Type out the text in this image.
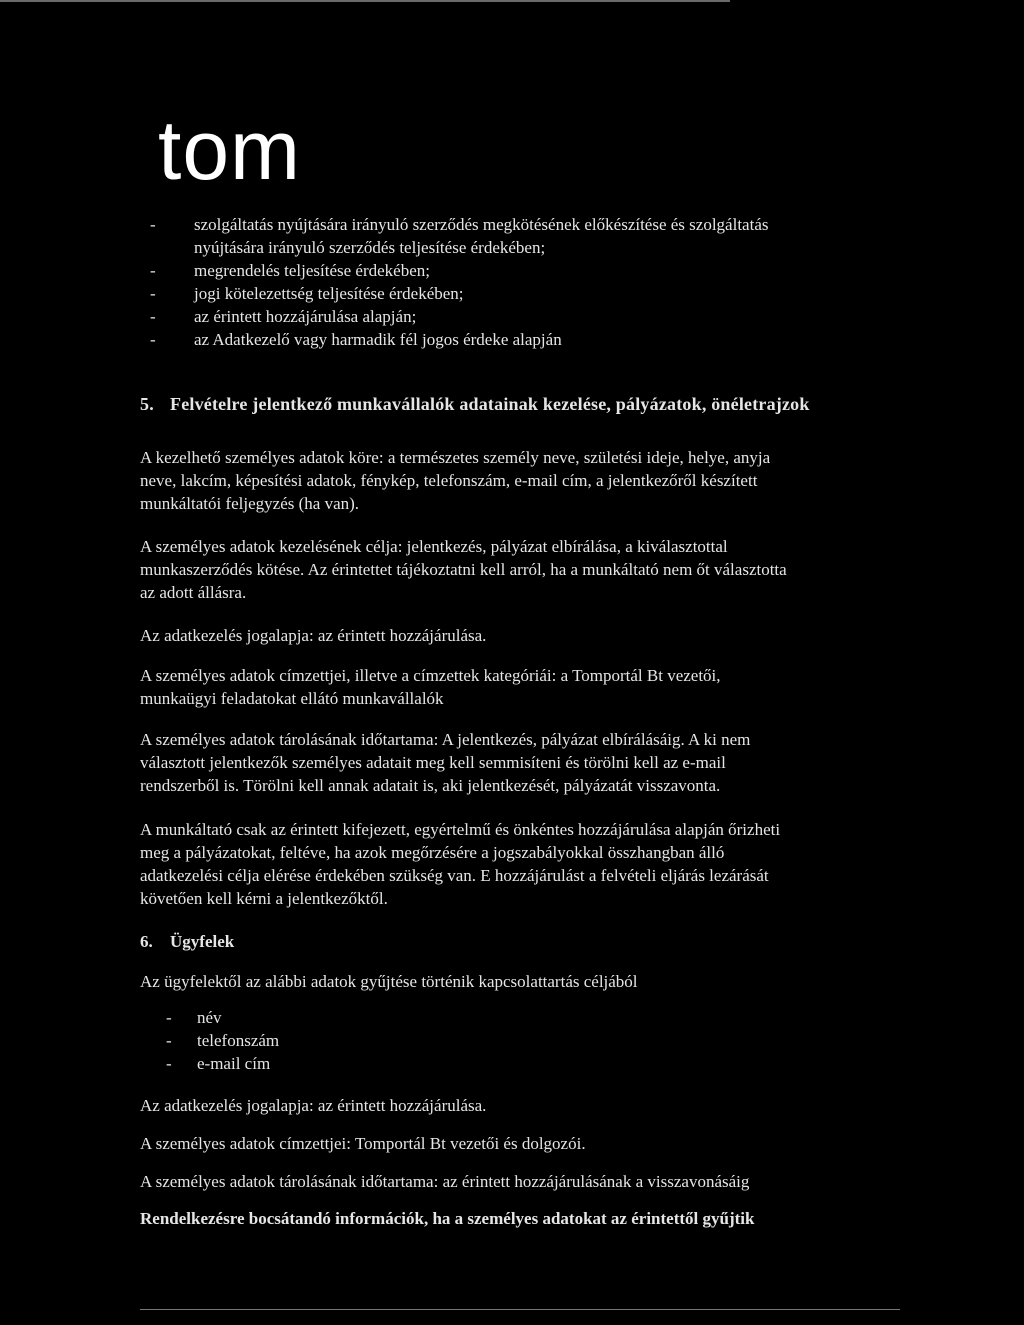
tom
-	szolgáltatás nyújtására irányuló szerződés megkötésének előkészítése és szolgáltatás
nyújtására irányuló szerződés teljesítése érdekében;
-	megrendelés teljesítése érdekében;
-	jogi kötelezettség teljesítése érdekében;
-	az érintett hozzájárulása alapján;
-	az Adatkezelő vagy harmadik fél jogos érdeke alapján
5. Felvételre jelentkező munkavállalók adatainak kezelése, pályázatok, önéletrajzok
A kezelhető személyes adatok köre: a természetes személy neve, születési ideje, helye, anyja
neve, lakcím, képesítési adatok, fénykép, telefonszám, e-mail cím, a jelentkezőről készített
munkáltatói feljegyzés (ha van).
A személyes adatok kezelésének célja: jelentkezés, pályázat elbírálása, a kiválasztottal
munkaszerződés kötése. Az érintettet tájékoztatni kell arról, ha a munkáltató nem őt választotta
az adott állásra.
Az adatkezelés jogalapja: az érintett hozzájárulása.
A személyes adatok címzettjei, illetve a címzettek kategóriái: a Tomportál Bt vezetői,
munkaügyi feladatokat ellátó munkavállalók
A személyes adatok tárolásának időtartama: A jelentkezés, pályázat elbírálásáig. A ki nem
választott jelentkezők személyes adatait meg kell semmisíteni és törölni kell az e-mail
rendszerből is. Törölni kell annak adatait is, aki jelentkezését, pályázatát visszavonta.
A munkáltató csak az érintett kifejezett, egyértelmű és önkéntes hozzájárulása alapján őrizheti
meg a pályázatokat, feltéve, ha azok megőrzésére a jogszabályokkal összhangban álló
adatkezelési célja elérése érdekében szükség van. E hozzájárulást a felvételi eljárás lezárását
követően kell kérni a jelentkezőktől.
6. Ügyfelek
Az ügyfelektől az alábbi adatok gyűjtése történik kapcsolattartás céljából
-	név
-	telefonszám
-	e-mail cím
Az adatkezelés jogalapja: az érintett hozzájárulása.
A személyes adatok címzettjei: Tomportál Bt vezetői és dolgozói.
A személyes adatok tárolásának időtartama: az érintett hozzájárulásának a visszavonásáig
Rendelkezésre bocsátandó információk, ha a személyes adatokat az érintettől gyűjtik
